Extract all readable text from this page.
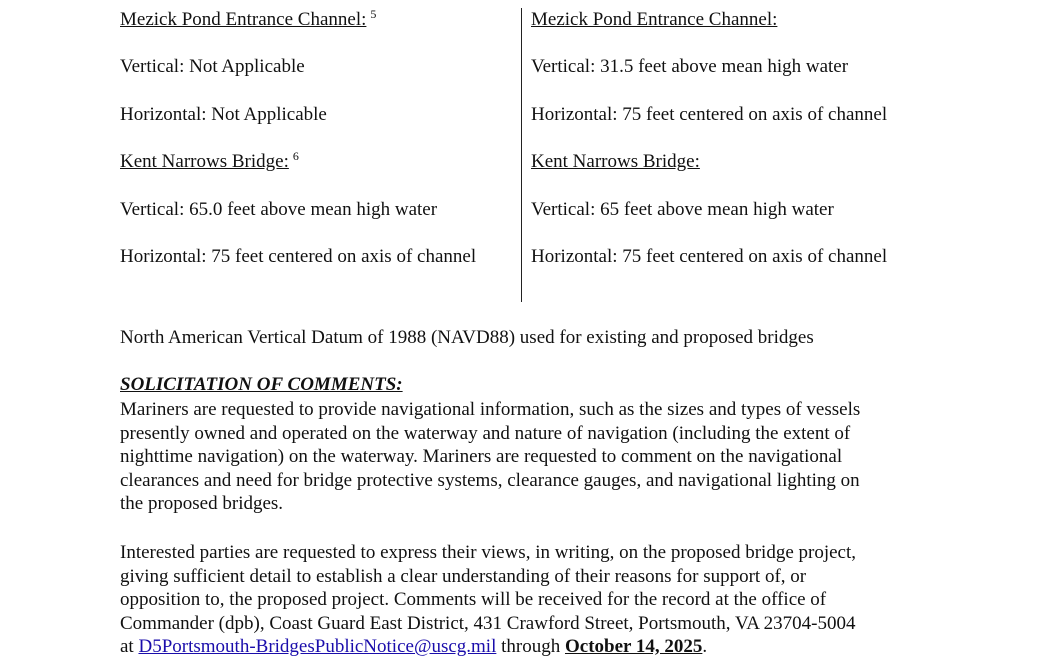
Mezick Pond Entrance Channel: $^5$
Vertical: Not Applicable
Horizontal: Not Applicable
Kent Narrows Bridge: $^6$
Vertical: 65.0 feet above mean high water
Horizontal: 75 feet centered on axis of channel
Mezick Pond Entrance Channel:
Vertical: 31.5 feet above mean high water
Horizontal: 75 feet centered on axis of channel
Kent Narrows Bridge:
Vertical: 65 feet above mean high water
Horizontal: 75 feet centered on axis of channel
North American Vertical Datum of 1988 (NAVD88) used for existing and proposed bridges
SOLICITATION OF COMMENTS:
Mariners are requested to provide navigational information, such as the sizes and types of vessels
presently owned and operated on the waterway and nature of navigation (including the extent of
nighttime navigation) on the waterway. Mariners are requested to comment on the navigational
clearances and need for bridge protective systems, clearance gauges, and navigational lighting on
the proposed bridges.
Interested parties are requested to express their views, in writing, on the proposed bridge project,
giving sufficient detail to establish a clear understanding of their reasons for support of, or
opposition to, the proposed project. Comments will be received for the record at the office of
Commander (dpb), Coast Guard East District, 431 Crawford Street, Portsmouth, VA 23704-5004
at D5Portsmouth-BridgesPublicNotice@uscg.mil through October 14, 2025.
